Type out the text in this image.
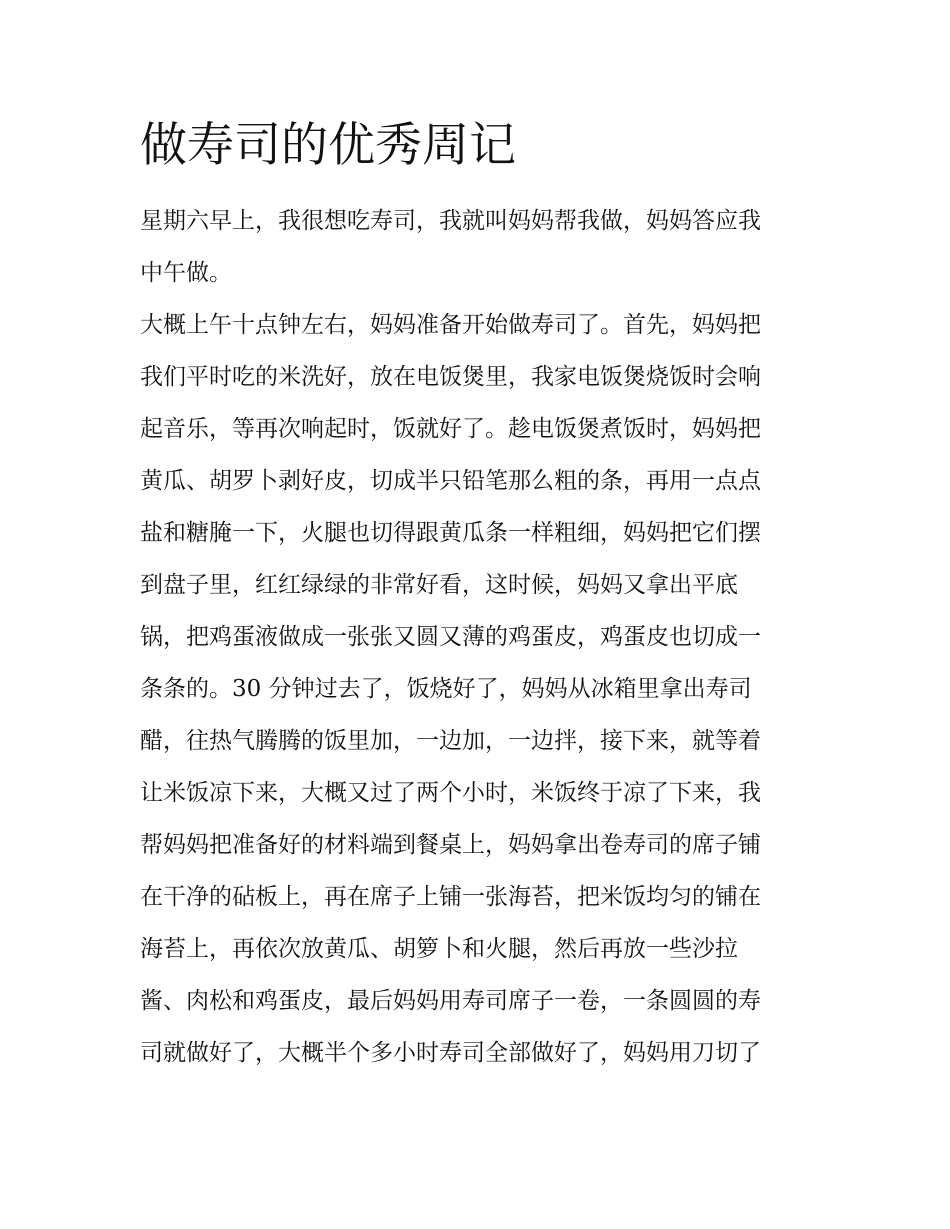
做寿司的优秀周记
星期六早上，我很想吃寿司，我就叫妈妈帮我做，妈妈答应我
中午做。
大概上午十点钟左右，妈妈准备开始做寿司了。首先，妈妈把
我们平时吃的米洗好，放在电饭煲里，我家电饭煲烧饭时会响
起音乐，等再次响起时，饭就好了。趁电饭煲煮饭时，妈妈把
黄瓜、胡罗卜剥好皮，切成半只铅笔那么粗的条，再用一点点
盐和糖腌一下，火腿也切得跟黄瓜条一样粗细，妈妈把它们摆
到盘子里，红红绿绿的非常好看，这时候，妈妈又拿出平底
锅，把鸡蛋液做成一张张又圆又薄的鸡蛋皮，鸡蛋皮也切成一
条条的。30 分钟过去了，饭烧好了，妈妈从冰箱里拿出寿司
醋，往热气腾腾的饭里加，一边加，一边拌，接下来，就等着
让米饭凉下来，大概又过了两个小时，米饭终于凉了下来，我
帮妈妈把准备好的材料端到餐桌上，妈妈拿出卷寿司的席子铺
在干净的砧板上，再在席子上铺一张海苔，把米饭均匀的铺在
海苔上，再依次放黄瓜、胡箩卜和火腿，然后再放一些沙拉
酱、肉松和鸡蛋皮，最后妈妈用寿司席子一卷，一条圆圆的寿
司就做好了，大概半个多小时寿司全部做好了，妈妈用刀切了
